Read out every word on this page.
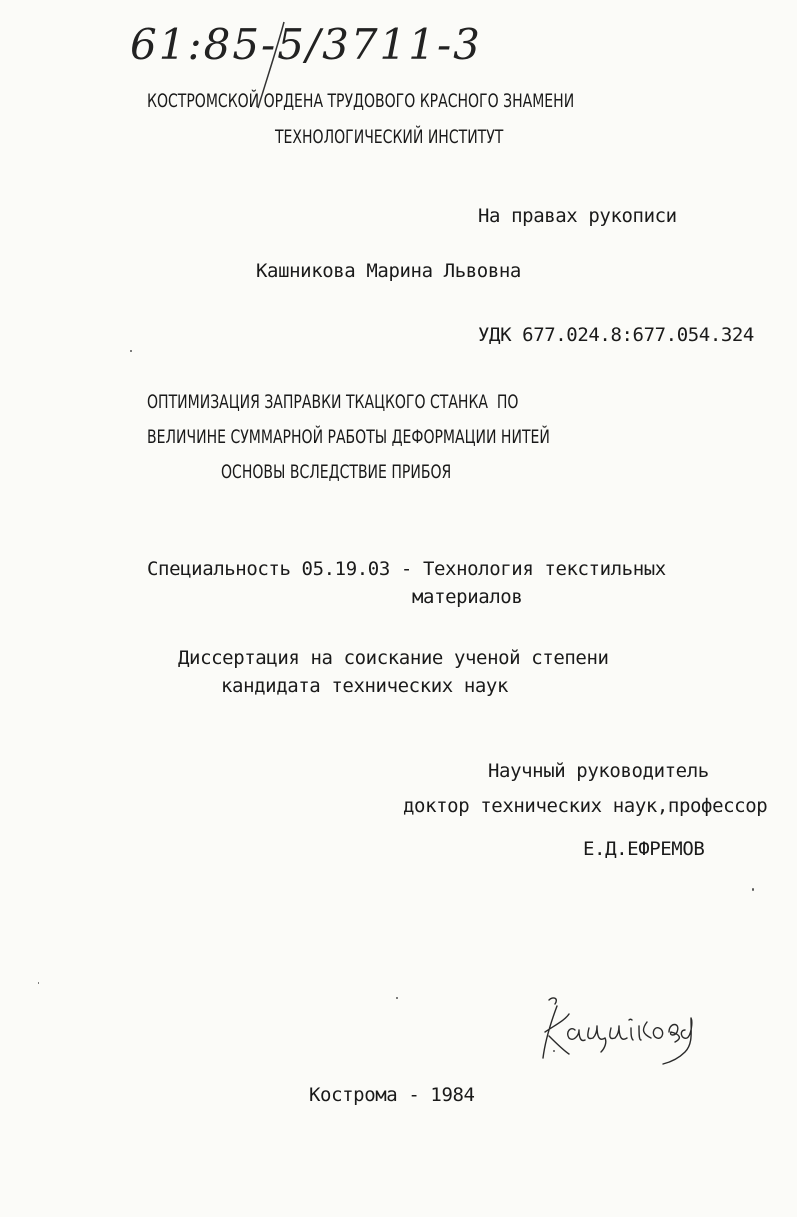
61:85-5/3711-3
КОСТРОМСКОЙ ОРДЕНА ТРУДОВОГО КРАСНОГО ЗНАМЕНИ
ТЕХНОЛОГИЧЕСКИЙ ИНСТИТУТ
На правах рукописи
Кашникова Марина Львовна
УДК 677.024.8:677.054.324
ОПТИМИЗАЦИЯ ЗАПРАВКИ ТКАЦКОГО СТАНКА  ПО
ВЕЛИЧИНЕ СУММАРНОЙ РАБОТЫ ДЕФОРМАЦИИ НИТЕЙ
ОСНОВЫ ВСЛЕДСТВИЕ ПРИБОЯ
Специальность 05.19.03 - Технология текстильных
материалов
Диссертация на соискание ученой степени
кандидата технических наук
Научный руководитель
доктор технических наук,профессор
Е.Д.ЕФРЕМОВ
Кострома - 1984
